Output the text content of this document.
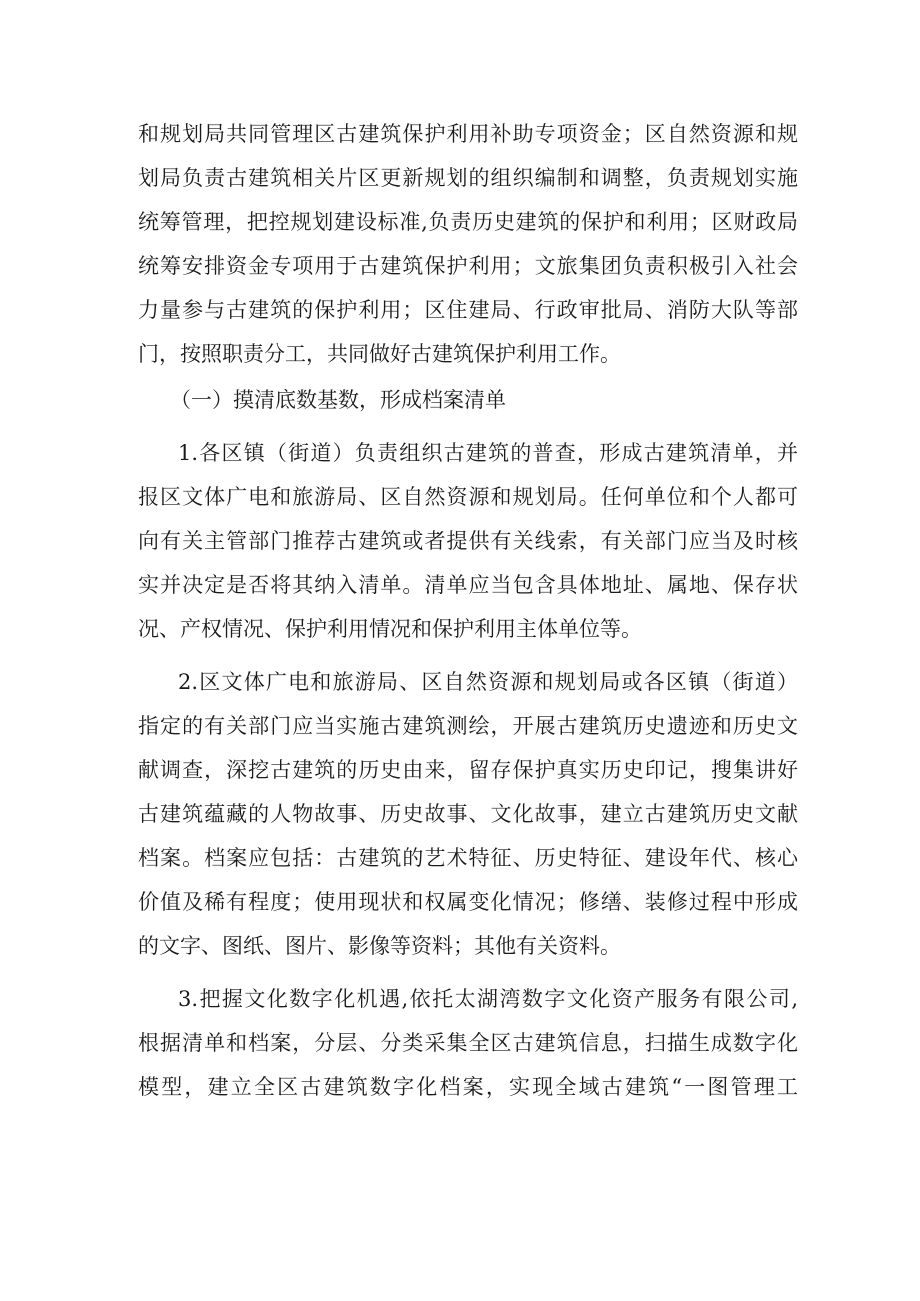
和规划局共同管理区古建筑保护利用补助专项资金；区自然资源和规
划局负责古建筑相关片区更新规划的组织编制和调整，负责规划实施
统筹管理，把控规划建设标准,负责历史建筑的保护和利用；区财政局
统筹安排资金专项用于古建筑保护利用；文旅集团负责积极引入社会
力量参与古建筑的保护利用；区住建局、行政审批局、消防大队等部
门，按照职责分工，共同做好古建筑保护利用工作。
（一）摸清底数基数，形成档案清单
1.各区镇（街道）负责组织古建筑的普查，形成古建筑清单，并
报区文体广电和旅游局、区自然资源和规划局。任何单位和个人都可
向有关主管部门推荐古建筑或者提供有关线索，有关部门应当及时核
实并决定是否将其纳入清单。清单应当包含具体地址、属地、保存状
况、产权情况、保护利用情况和保护利用主体单位等。
2.区文体广电和旅游局、区自然资源和规划局或各区镇（街道）
指定的有关部门应当实施古建筑测绘，开展古建筑历史遗迹和历史文
献调查，深挖古建筑的历史由来，留存保护真实历史印记，搜集讲好
古建筑蕴藏的人物故事、历史故事、文化故事，建立古建筑历史文献
档案。档案应包括：古建筑的艺术特征、历史特征、建设年代、核心
价值及稀有程度；使用现状和权属变化情况；修缮、装修过程中形成
的文字、图纸、图片、影像等资料；其他有关资料。
3.把握文化数字化机遇,依托太湖湾数字文化资产服务有限公司,
根据清单和档案，分层、分类采集全区古建筑信息，扫描生成数字化
模型，建立全区古建筑数字化档案，实现全域古建筑“一图管理工
